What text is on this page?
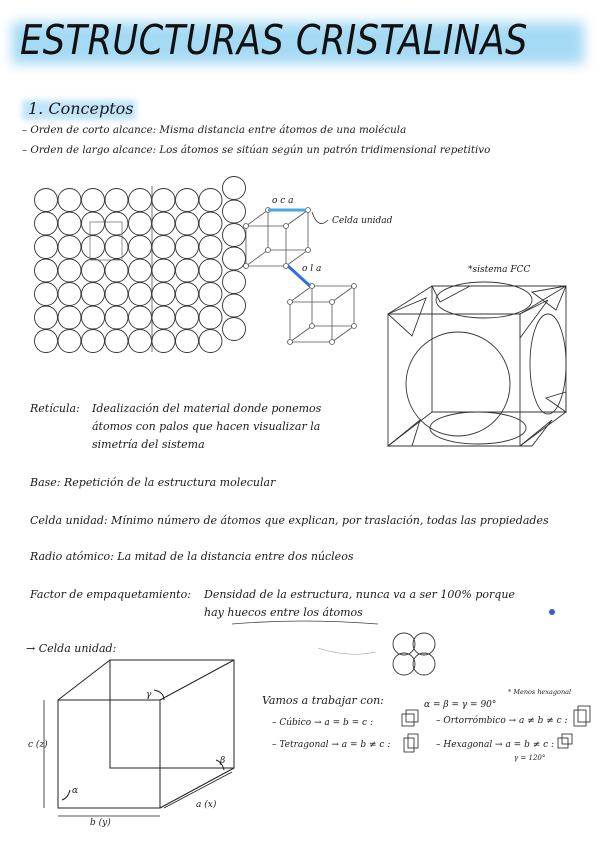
ESTRUCTURAS CRISTALINAS
1. Conceptos
– Orden de corto alcance: Misma distancia entre átomos de una molécula
– Orden de largo alcance: Los átomos se sitúan según un patrón tridimensional repetitivo
o c a
Celda unidad
o l a	*sistema FCC
Retícula: Idealización del material donde ponemos
átomos con palos que hacen visualizar la
simetría del sistema
Base: Repetición de la estructura molecular
Celda unidad: Mínimo número de átomos que explican, por traslación, todas las propiedades
Radio atómico: La mitad de la distancia entre dos núcleos
Factor de empaquetamiento: Densidad de la estructura, nunca va a ser 100% porque
hay huecos entre los átomos
→ Celda unidad:
c (z)
b (y)
a (x)
γ
α
β
Vamos a trabajar con:	α = β = γ = 90°
* Menos hexagonal
– Cúbico → a = b = c :	– Ortorrómbico → a ≠ b ≠ c :
– Tetragonal → a = b ≠ c :	– Hexagonal → a = b ≠ c :
γ = 120°
